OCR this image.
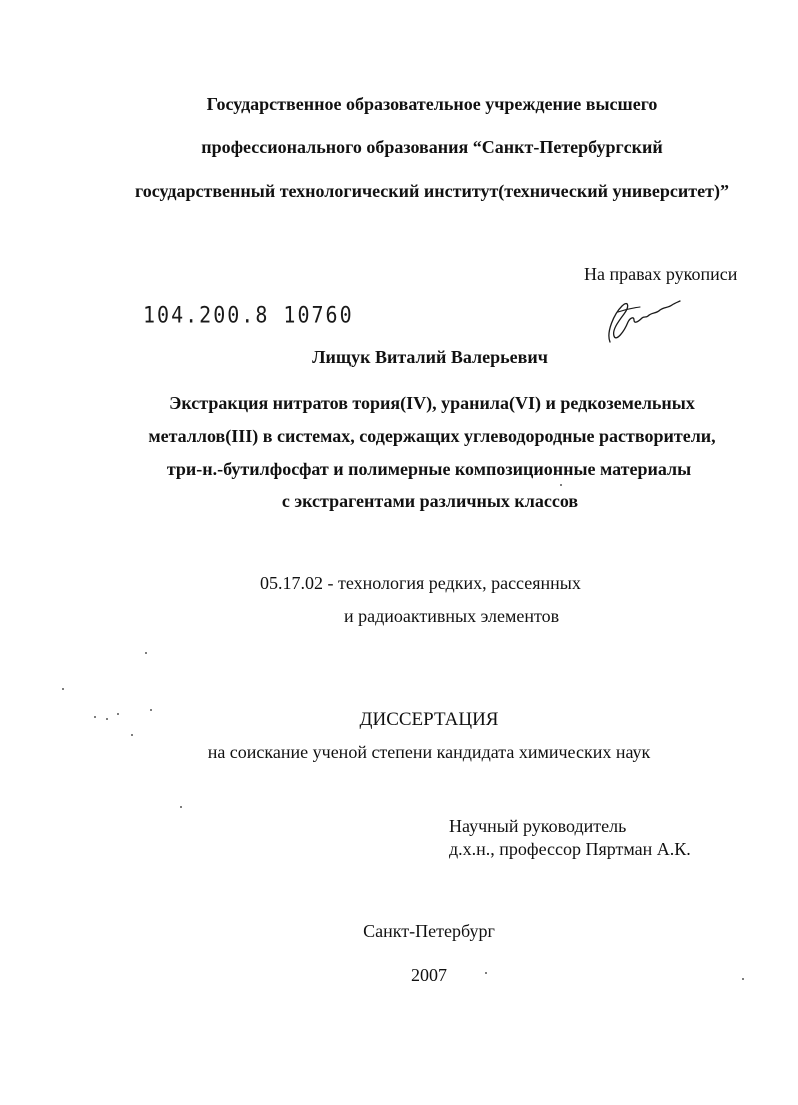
Государственное образовательное учреждение высшего
профессионального образования “Санкт-Петербургский
государственный технологический институт(технический университет)”
На правах рукописи
104.200.8 10760
Лищук Виталий Валерьевич
Экстракция нитратов тория(IV), уранила(VI) и редкоземельных
металлов(III) в системах, содержащих углеводородные растворители,
три-н.-бутилфосфат и полимерные композиционные материалы
с экстрагентами различных классов
05.17.02 - технология редких, рассеянных
и радиоактивных элементов
ДИССЕРТАЦИЯ
на соискание ученой степени кандидата химических наук
Научный руководитель
д.х.н., профессор Пяртман А.К.
Санкт-Петербург
2007
